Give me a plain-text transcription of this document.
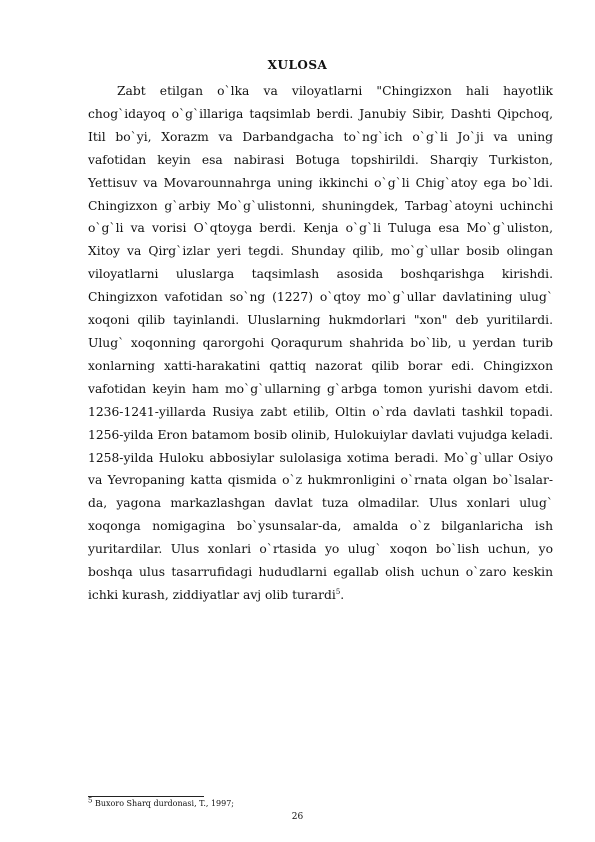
XULOSA

Zabt etilgan o`lka va viloyatlarni "Chingizxon hali hayotlik chog`idayoq o`g`illariga taqsimlab berdi. Janubiy Sibir, Dashti Qipchoq, Itil bo`yi, Xorazm va Darbandgacha to`ng`ich o`g`li Jo`ji va uning vafotidan keyin esa nabirasi Botuga topshirildi. Sharqiy Turkiston, Yettisuv va Movarounnahrga uning ikkinchi o`g`li Chig`atoy ega bo`ldi. Chingizxon g`arbiy Mo`g`ulistonni, shuningdek, Tarbag`atoyni uchinchi o`g`li va vorisi O`qtoyga berdi. Kenja o`g`li Tuluga esa Mo`g`uliston, Xitoy va Qirg`izlar yeri tegdi. Shunday qilib, mo`g`ullar bosib olingan viloyatlarni uluslarga taqsimlash asosida boshqarishga kirishdi. Chingizxon vafotidan so`ng (1227) o`qtoy mo`g`ullar davlatining ulug` xoqoni qilib tayinlandi. Uluslarning hukmdorlari "xon" deb yuritilardi. Ulug` xoqonning qarorgohi Qoraqurum shahrida bo`lib, u yerdan turib xonlarning xatti-harakatini qattiq nazorat qilib borar edi. Chingizxon vafotidan keyin ham mo`g`ullarning g`arbga tomon yurishi davom etdi. 1236-1241-yillarda Rusiya zabt etilib, Oltin o`rda davlati tashkil topadi. 1256-yilda Eron batamom bosib olinib, Hulokuiylar davlati vujudga keladi. 1258-yilda Huloku abbosiylar sulolasiga xotima beradi. Mo`g`ullar Osiyo va Yevropaning katta qismida o`z hukmronligini o`rnata olgan bo`lsalar-da, yagona markazlashgan davlat tuza olmadilar. Ulus xonlari ulug` xoqonga nomigagina bo`ysunsalar-da, amalda o`z bilganlaricha ish yuritardilar. Ulus xonlari o`rtasida yo ulug` xoqon bo`lish uchun, yo boshqa ulus tasarrufidagi hududlarni egallab olish uchun o`zaro keskin ichki kurash, ziddiyatlar avj olib turardi$^5$.

$^5$ Buxoro Sharq durdonasi, T., 1997;
26
